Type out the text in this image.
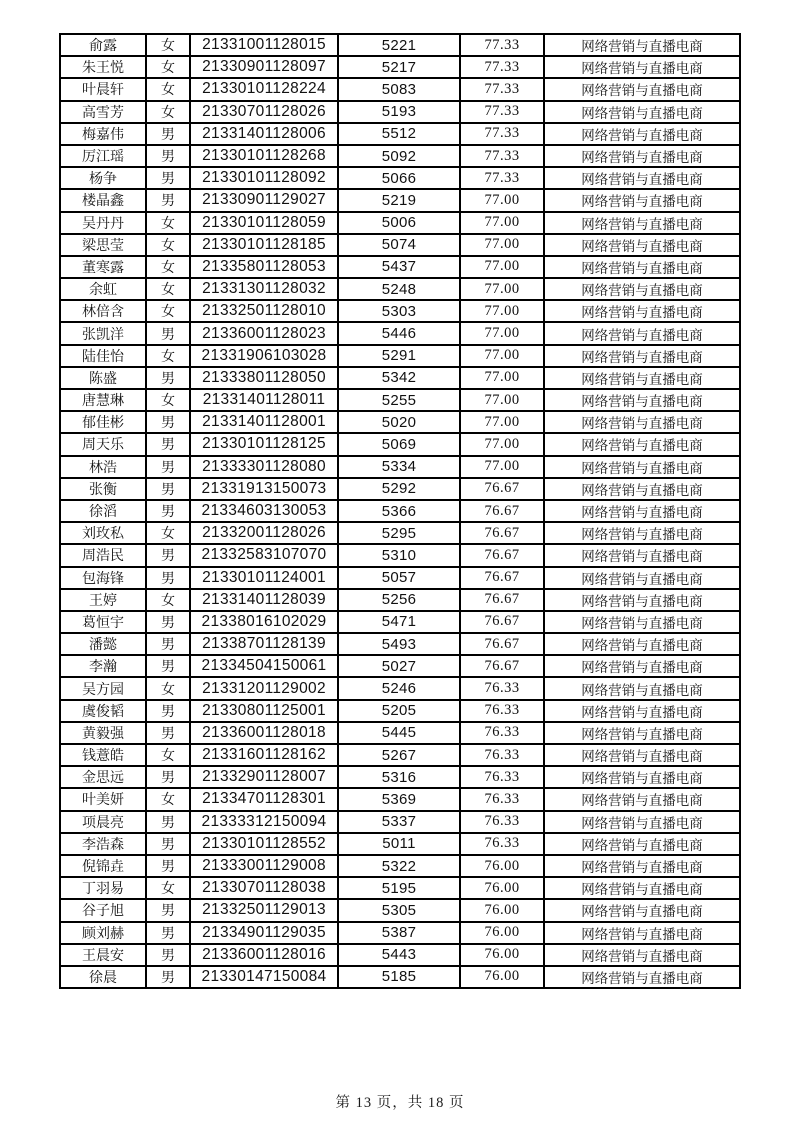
俞露	女	21331001128015	5221	77.33	网络营销与直播电商
朱王悦	女	21330901128097	5217	77.33	网络营销与直播电商
叶晨轩	女	21330101128224	5083	77.33	网络营销与直播电商
高雪芳	女	21330701128026	5193	77.33	网络营销与直播电商
梅嘉伟	男	21331401128006	5512	77.33	网络营销与直播电商
厉江瑶	男	21330101128268	5092	77.33	网络营销与直播电商
杨争	男	21330101128092	5066	77.33	网络营销与直播电商
楼晶鑫	男	21330901129027	5219	77.00	网络营销与直播电商
吴丹丹	女	21330101128059	5006	77.00	网络营销与直播电商
梁思莹	女	21330101128185	5074	77.00	网络营销与直播电商
董寒露	女	21335801128053	5437	77.00	网络营销与直播电商
余虹	女	21331301128032	5248	77.00	网络营销与直播电商
林倍含	女	21332501128010	5303	77.00	网络营销与直播电商
张凯洋	男	21336001128023	5446	77.00	网络营销与直播电商
陆佳怡	女	21331906103028	5291	77.00	网络营销与直播电商
陈盛	男	21333801128050	5342	77.00	网络营销与直播电商
唐慧琳	女	21331401128011	5255	77.00	网络营销与直播电商
郁佳彬	男	21331401128001	5020	77.00	网络营销与直播电商
周天乐	男	21330101128125	5069	77.00	网络营销与直播电商
林浩	男	21333301128080	5334	77.00	网络营销与直播电商
张衡	男	21331913150073	5292	76.67	网络营销与直播电商
徐滔	男	21334603130053	5366	76.67	网络营销与直播电商
刘玫私	女	21332001128026	5295	76.67	网络营销与直播电商
周浩民	男	21332583107070	5310	76.67	网络营销与直播电商
包海锋	男	21330101124001	5057	76.67	网络营销与直播电商
王婷	女	21331401128039	5256	76.67	网络营销与直播电商
葛恒宇	男	21338016102029	5471	76.67	网络营销与直播电商
潘懿	男	21338701128139	5493	76.67	网络营销与直播电商
李瀚	男	21334504150061	5027	76.67	网络营销与直播电商
吴方园	女	21331201129002	5246	76.33	网络营销与直播电商
虞俊韬	男	21330801125001	5205	76.33	网络营销与直播电商
黄毅强	男	21336001128018	5445	76.33	网络营销与直播电商
钱薏皓	女	21331601128162	5267	76.33	网络营销与直播电商
金思远	男	21332901128007	5316	76.33	网络营销与直播电商
叶美妍	女	21334701128301	5369	76.33	网络营销与直播电商
项晨亮	男	21333312150094	5337	76.33	网络营销与直播电商
李浩森	男	21330101128552	5011	76.33	网络营销与直播电商
倪锦垚	男	21333001129008	5322	76.00	网络营销与直播电商
丁羽易	女	21330701128038	5195	76.00	网络营销与直播电商
谷子旭	男	21332501129013	5305	76.00	网络营销与直播电商
顾刘赫	男	21334901129035	5387	76.00	网络营销与直播电商
王晨安	男	21336001128016	5443	76.00	网络营销与直播电商
徐晨	男	21330147150084	5185	76.00	网络营销与直播电商
第 13 页，共 18 页
